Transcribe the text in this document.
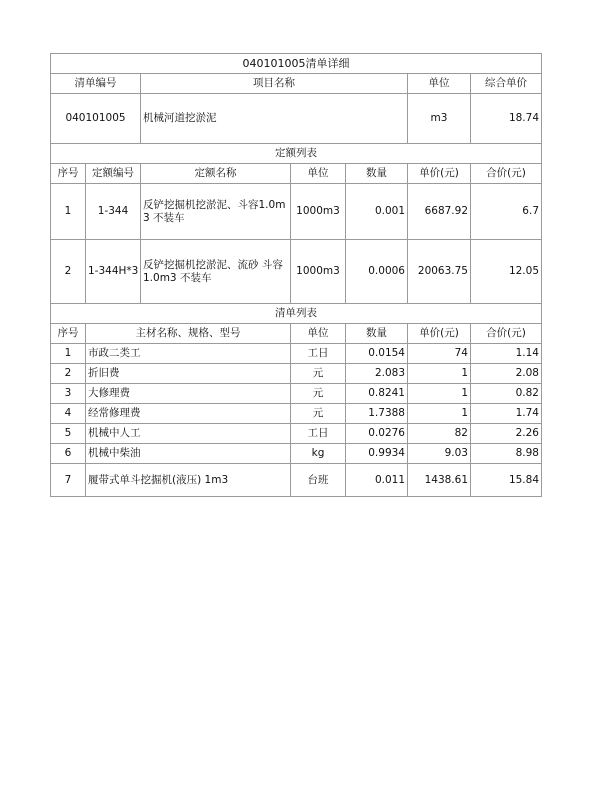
040101005清单详细						
清单编号		项目名称			单位	综合单价
040101005		机械河道挖淤泥			m3	18.74
定额列表						
序号	定额编号	定额名称	单位	数量	单价(元)	合价(元)
1	1-344	反铲挖掘机挖淤泥、斗容1.0m3 不装车	1000m3	0.001	6687.92	6.7
2	1-344H*3	反铲挖掘机挖淤泥、流砂 斗容1.0m3 不装车	1000m3	0.0006	20063.75	12.05
清单列表						
序号	主材名称、规格、型号		单位	数量	单价(元)	合价(元)
1	市政二类工		工日	0.0154	74	1.14
2	折旧费		元	2.083	1	2.08
3	大修理费		元	0.8241	1	0.82
4	经常修理费		元	1.7388	1	1.74
5	机械中人工		工日	0.0276	82	2.26
6	机械中柴油		kg	0.9934	9.03	8.98
7	履带式单斗挖掘机(液压) 1m3		台班	0.011	1438.61	15.84
